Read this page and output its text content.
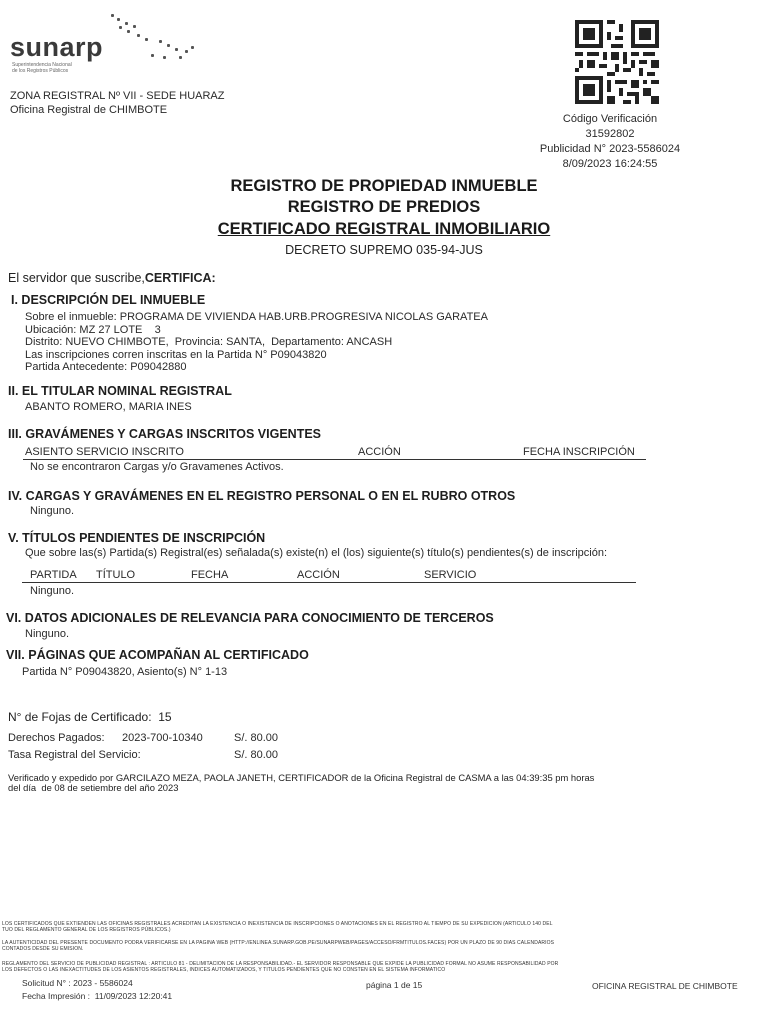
sunarp
Superintendencia Nacional
de los Registros Públicos
ZONA REGISTRAL Nº VII - SEDE HUARAZ
Oficina Registral de CHIMBOTE
Código Verificación
31592802
Publicidad N° 2023-5586024
8/09/2023 16:24:55
REGISTRO DE PROPIEDAD INMUEBLE
REGISTRO DE PREDIOS
CERTIFICADO REGISTRAL INMOBILIARIO
DECRETO SUPREMO 035-94-JUS
El servidor que suscribe,CERTIFICA:
I. DESCRIPCIÓN DEL INMUEBLE
Sobre el inmueble: PROGRAMA DE VIVIENDA HAB.URB.PROGRESIVA NICOLAS GARATEA
Ubicación: MZ 27 LOTE    3
Distrito: NUEVO CHIMBOTE,  Provincia: SANTA,  Departamento: ANCASH
Las inscripciones corren inscritas en la Partida N° P09043820
Partida Antecedente: P09042880
II. EL TITULAR NOMINAL REGISTRAL
ABANTO ROMERO, MARIA INES
III. GRAVÁMENES Y CARGAS INSCRITOS VIGENTES
ASIENTO SERVICIO INSCRITO	ACCIÓN	FECHA INSCRIPCIÓN
No se encontraron Cargas y/o Gravamenes Activos.
IV. CARGAS Y GRAVÁMENES EN EL REGISTRO PERSONAL O EN EL RUBRO OTROS
Ninguno.
V. TÍTULOS PENDIENTES DE INSCRIPCIÓN
Que sobre las(s) Partida(s) Registral(es) señalada(s) existe(n) el (los) siguiente(s) título(s) pendientes(s) de inscripción:
PARTIDA TÍTULO	FECHA	ACCIÓN	SERVICIO
Ninguno.
VI. DATOS ADICIONALES DE RELEVANCIA PARA CONOCIMIENTO DE TERCEROS
Ninguno.
VII. PÁGINAS QUE ACOMPAÑAN AL CERTIFICADO
Partida N° P09043820, Asiento(s) N° 1-13
N° de Fojas de Certificado:  15
Derechos Pagados: 2023-700-10340	S/. 80.00
Tasa Registral del Servicio:	S/. 80.00
Verificado y expedido por GARCILAZO MEZA, PAOLA JANETH, CERTIFICADOR de la Oficina Registral de CASMA a las 04:39:35 pm horas
del día  de 08 de setiembre del año 2023
LOS CERTIFICADOS QUE EXTIENDEN LAS OFICINAS REGISTRALES ACREDITAN LA EXISTENCIA O INEXISTENCIA DE INSCRIPCIONES O ANOTACIONES EN EL REGISTRO AL TIEMPO DE SU EXPEDICION (ARTICULO 140 DEL
TUO DEL REGLAMENTO GENERAL DE LOS REGISTROS PÚBLICOS.)
LA AUTENTICIDAD DEL PRESENTE DOCUMENTO PODRA VERIFICARSE EN LA PAGINA WEB (HTTP://ENLINEA.SUNARP.GOB.PE/SUNARPWEB/PAGES/ACCESO/FRMTITULOS.FACES) POR UN PLAZO DE 90 DIAS CALENDARIOS
CONTADOS DESDE SU EMISION.
REGLAMENTO DEL SERVICIO DE PUBLICIDAD REGISTRAL : ARTICULO 81 - DELIMITACION DE LA RESPONSABILIDAD.- EL SERVIDOR RESPONSABLE QUE EXPIDE LA PUBLICIDAD FORMAL NO ASUME RESPONSABILIDAD POR
LOS DEFECTOS O LAS INEXACTITUDES DE LOS ASIENTOS REGISTRALES, INDICES AUTOMATIZADOS, Y TITULOS PENDIENTES QUE NO CONSTEN EN EL SISTEMA INFORMATICO
Solicitud N° : 2023 - 5586024	página 1 de 15	OFICINA REGISTRAL DE CHIMBOTE
Fecha Impresión :  11/09/2023 12:20:41
